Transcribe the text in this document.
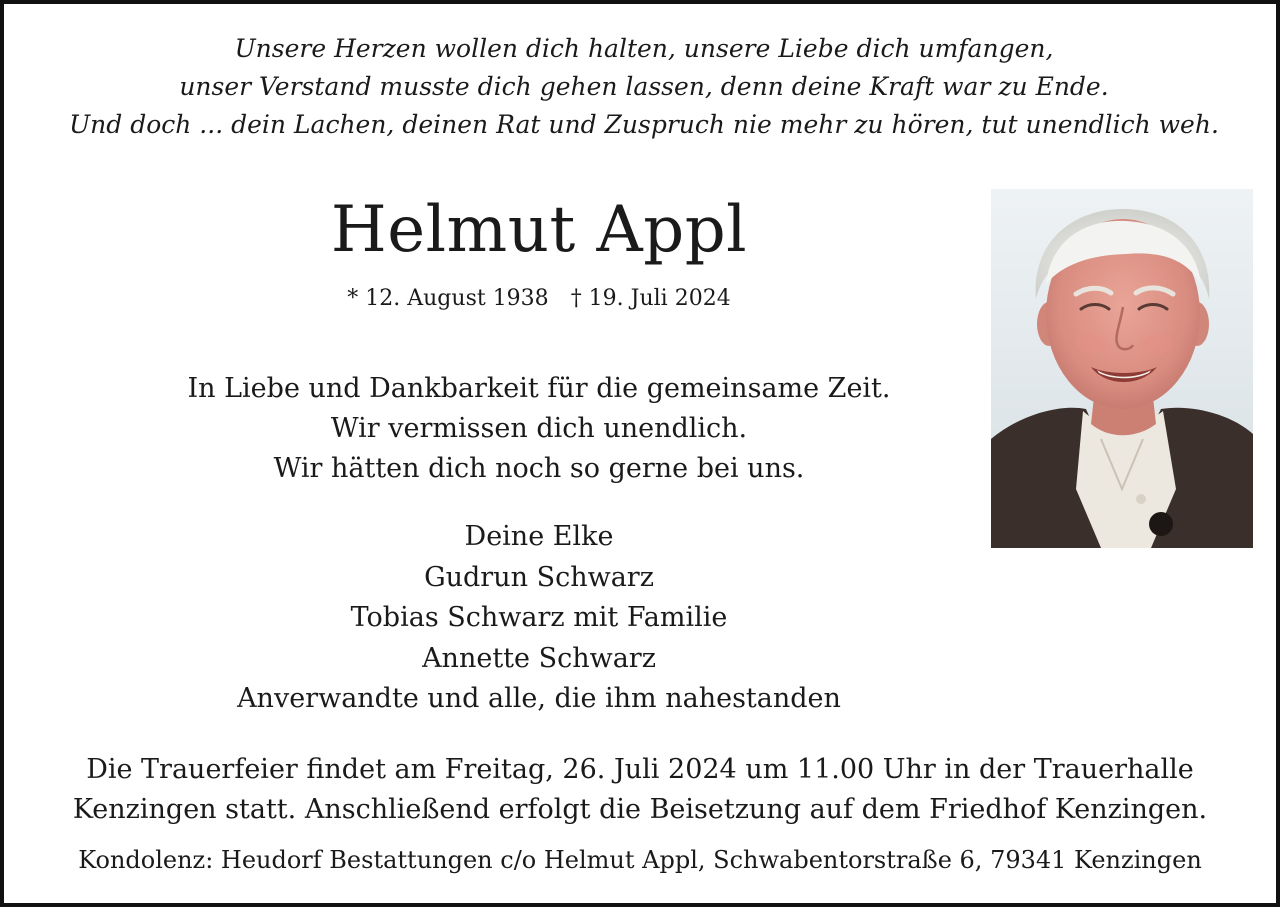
Unsere Herzen wollen dich halten, unsere Liebe dich umfangen,
unser Verstand musste dich gehen lassen, denn deine Kraft war zu Ende.
Und doch ... dein Lachen, deinen Rat und Zuspruch nie mehr zu hören, tut unendlich weh.
Helmut Appl
* 12. August 1938 † 19. Juli 2024
In Liebe und Dankbarkeit für die gemeinsame Zeit.
Wir vermissen dich unendlich.
Wir hätten dich noch so gerne bei uns.
Deine Elke
Gudrun Schwarz
Tobias Schwarz mit Familie
Annette Schwarz
Anverwandte und alle, die ihm nahestanden
Die Trauerfeier findet am Freitag, 26. Juli 2024 um 11.00 Uhr in der Trauerhalle
Kenzingen statt. Anschließend erfolgt die Beisetzung auf dem Friedhof Kenzingen.
Kondolenz: Heudorf Bestattungen c/o Helmut Appl, Schwabentorstraße 6, 79341 Kenzingen
